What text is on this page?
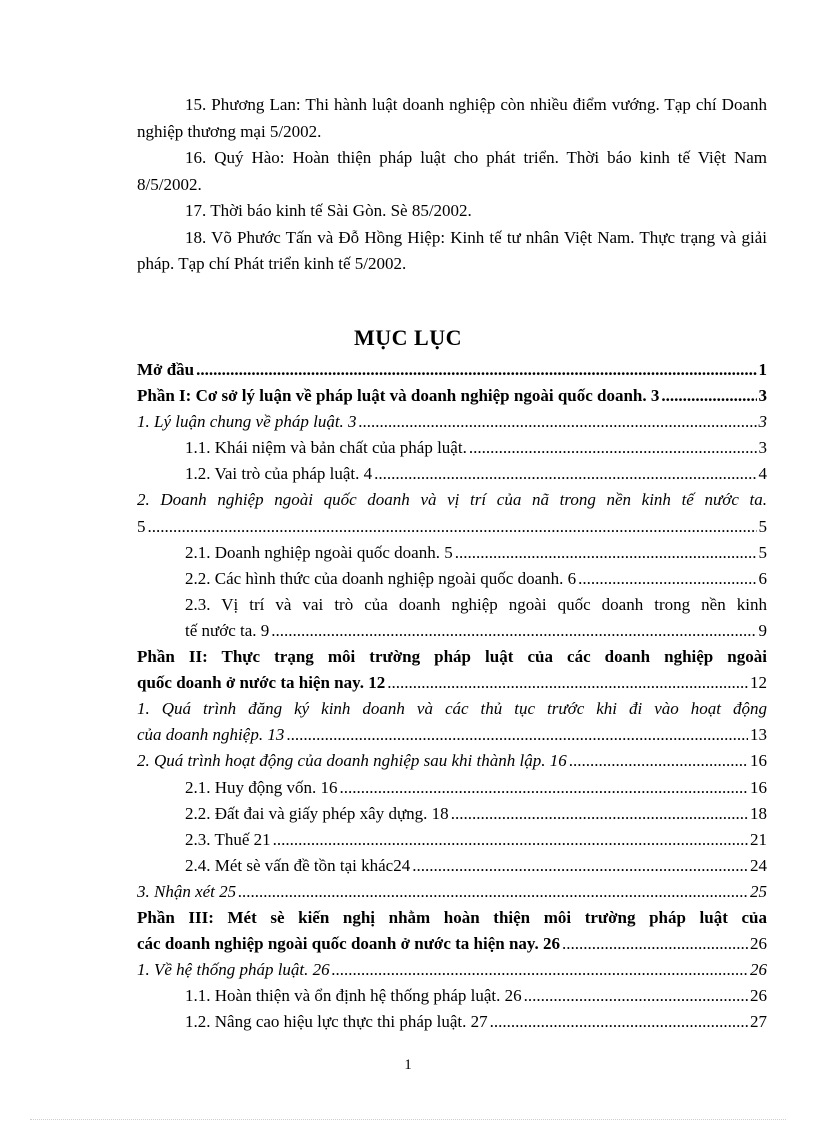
15. Phương Lan: Thi hành luật doanh nghiệp còn nhiều điểm vướng. Tạp chí Doanh nghiệp thương mại 5/2002.
16. Quý Hào: Hoàn thiện pháp luật cho phát triển. Thời báo kinh tế Việt Nam 8/5/2002.
17. Thời báo kinh tế Sài Gòn. Sè 85/2002.
18. Võ Phước Tấn và Đỗ Hồng Hiệp: Kinh tế tư nhân Việt Nam. Thực trạng và giải pháp. Tạp chí Phát triển kinh tế 5/2002.
MỤC LỤC
Mở đầu .....	1
Phần I: Cơ sở lý luận về pháp luật và doanh nghiệp ngoài quốc doanh. 3 .....	3
1. Lý luận chung về pháp luật. 3 .....	3
1.1. Khái niệm và bản chất của pháp luật. .....	3
1.2. Vai trò của pháp luật. 4 .....	4
2. Doanh nghiệp ngoài quốc doanh và vị trí của nã trong nền kinh tế nước ta.
5 .....	5
2.1. Doanh nghiệp ngoài quốc doanh. 5 .....	5
2.2. Các hình thức của doanh nghiệp ngoài quốc doanh. 6 .....	6
2.3. Vị trí và vai trò của doanh nghiệp ngoài quốc doanh trong nền kinh
tế nước ta. 9 .....	9
Phần II: Thực trạng môi trường pháp luật của các doanh nghiệp ngoài
quốc doanh ở nước ta hiện nay. 12 .....	12
1. Quá trình đăng ký kinh doanh và các thủ tục trước khi đi vào hoạt động
của doanh nghiệp. 13 .....	13
2. Quá trình hoạt động của doanh nghiệp sau khi thành lập. 16 .....	16
2.1. Huy động vốn. 16 .....	16
2.2. Đất đai và giấy phép xây dựng. 18 .....	18
2.3. Thuế 21 .....	21
2.4. Mét sè vấn đề tồn tại khác24 .....	24
3. Nhận xét 25 .....	25
Phần III: Mét sè kiến nghị nhằm hoàn thiện môi trường pháp luật của
các doanh nghiệp ngoài quốc doanh ở nước ta hiện nay. 26 .....	26
1. Về hệ thống pháp luật. 26 .....	26
1.1. Hoàn thiện và ổn định hệ thống pháp luật. 26 .....	26
1.2. Nâng cao hiệu lực thực thi pháp luật. 27 .....	27
1
